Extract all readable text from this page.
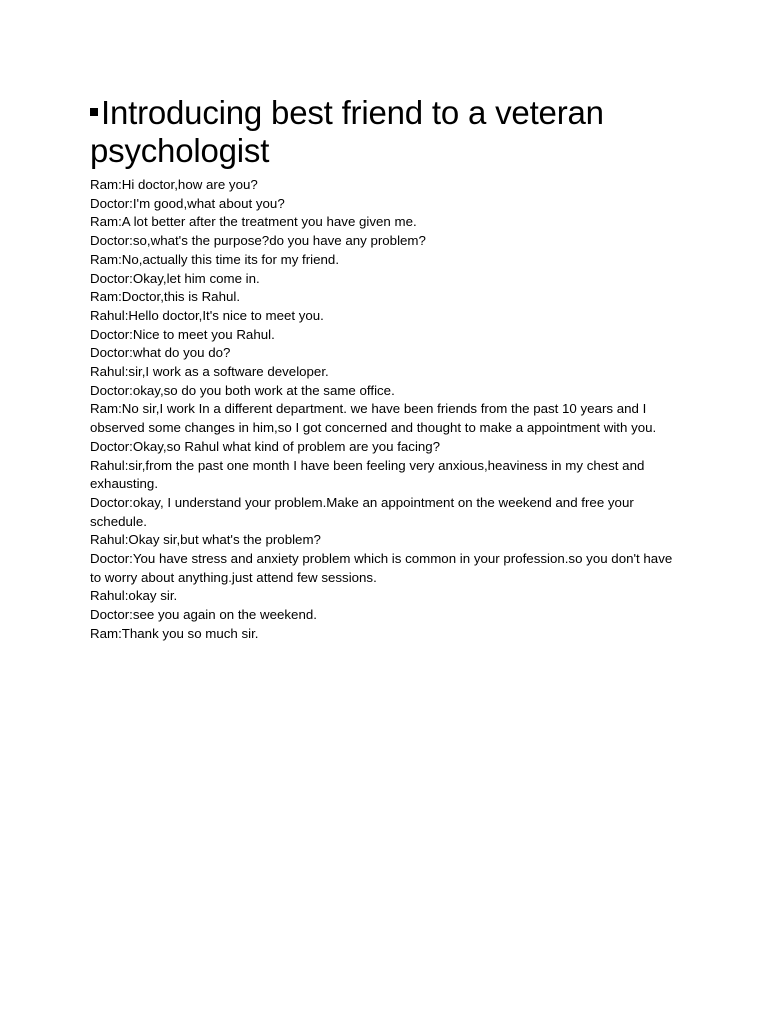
Introducing best friend to a veteran psychologist

Ram:Hi doctor,how are you?

Doctor:I'm good,what about you?

Ram:A lot better after the treatment you have given me.

Doctor:so,what's the purpose?do you have any problem?

Ram:No,actually this time its for my friend.

Doctor:Okay,let him come in.

Ram:Doctor,this is Rahul.

Rahul:Hello doctor,It's nice to meet you.

Doctor:Nice to meet you Rahul.

Doctor:what do you do?

Rahul:sir,I work as a software developer.

Doctor:okay,so do you both work at the same office.

Ram:No sir,I work In a different department. we have been friends from the past 10 years and I observed some changes in him,so I got concerned and thought to make a appointment with you.

Doctor:Okay,so Rahul what kind of problem are you facing?

Rahul:sir,from the past one month I have been feeling very anxious,heaviness in my chest and exhausting.

Doctor:okay, I understand your problem.Make an appointment on the weekend and free your schedule.

Rahul:Okay sir,but what's the problem?

Doctor:You have stress and anxiety problem which is common in your profession.so you don't have to worry about anything.just attend few sessions.

Rahul:okay sir.

Doctor:see you again on the weekend.

Ram:Thank you so much sir.
